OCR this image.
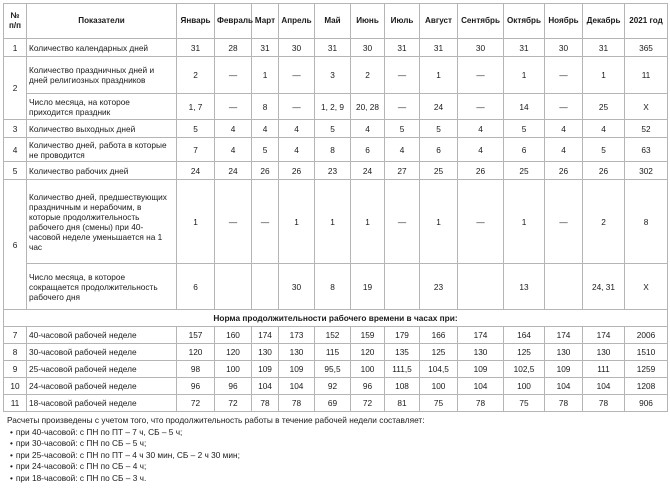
№
п/п	Показатели	Январь	Февраль	Март	Апрель	Май	Июнь	Июль	Август	Сентябрь	Октябрь	Ноябрь	Декабрь	2021 год
1	Количество календарных дней	31	28	31	30	31	30	31	31	30	31	30	31	365
2	Количество праздничных дней и дней религиозных праздников	2	—	1	—	3	2	—	1	—	1	—	1	11
	Число месяца, на которое приходится праздник	1, 7	—	8	—	1, 2, 9	20, 28	—	24	—	14	—	25	X
3	Количество выходных дней	5	4	4	4	5	4	5	5	4	5	4	4	52
4	Количество дней, работа в которые не проводится	7	4	5	4	8	6	4	6	4	6	4	5	63
5	Количество рабочих дней	24	24	26	26	23	24	27	25	26	25	26	26	302
6	Количество дней, предшествующих праздничным и нерабочим, в которые продолжительность рабочего дня (смены) при 40-часовой неделе уменьшается на 1 час	1	—	—	1	1	1	—	1	—	1	—	2	8
	Число месяца, в которое сокращается продолжительность рабочего дня	6			30	8	19		23		13		24, 31	X
Норма продолжительности рабочего времени в часах при:														
7	40-часовой рабочей неделе	157	160	174	173	152	159	179	166	174	164	174	174	2006
8	30-часовой рабочей неделе	120	120	130	130	115	120	135	125	130	125	130	130	1510
9	25-часовой рабочей неделе	98	100	109	109	95,5	100	111,5	104,5	109	102,5	109	111	1259
10	24-часовой рабочей неделе	96	96	104	104	92	96	108	100	104	100	104	104	1208
11	18-часовой рабочей неделе	72	72	78	78	69	72	81	75	78	75	78	78	906
Расчеты произведены с учетом того, что продолжительность работы в течение рабочей недели составляет:
• при 40-часовой: с ПН по ПТ – 7 ч, СБ – 5 ч;
• при 30-часовой: с ПН по СБ – 5 ч;
• при 25-часовой: с ПН по ПТ – 4 ч 30 мин, СБ – 2 ч 30 мин;
• при 24-часовой: с ПН по СБ – 4 ч;
• при 18-часовой: с ПН по СБ – 3 ч.
